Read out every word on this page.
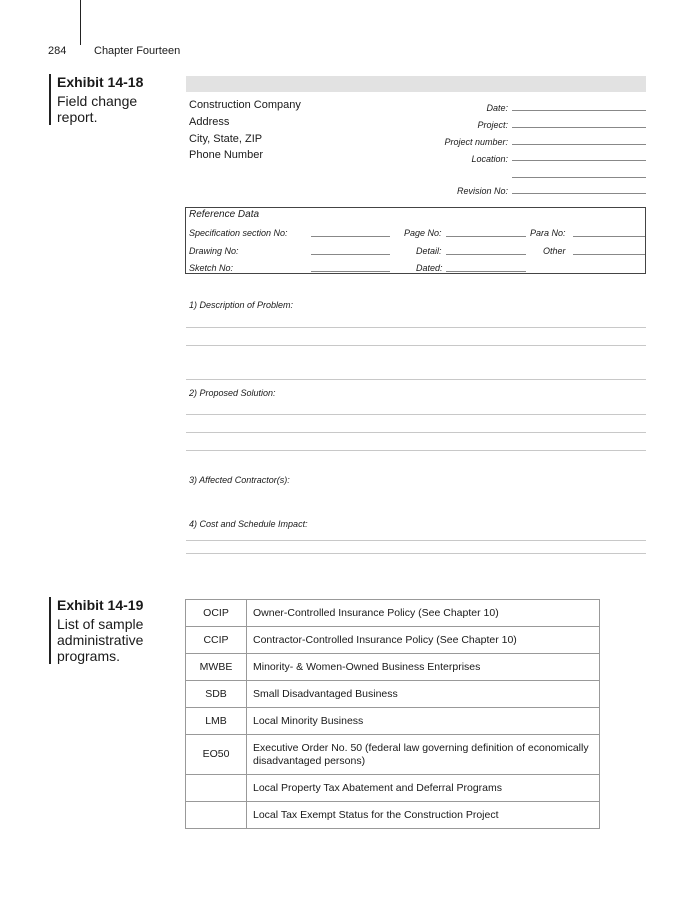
284	Chapter Fourteen
Exhibit 14-18
Field change report.
Construction Company
Address
City, State, ZIP
Phone Number
Date:
Project:
Project number:
Location:
Revision No:
Reference Data
Specification section No:	Page No:	Para No:
Drawing No:	Detail:	Other
Sketch No:	Dated:
1) Description of Problem:
2) Proposed Solution:
3) Affected Contractor(s):
4) Cost and Schedule Impact:
Exhibit 14-19
List of sample administrative programs.
OCIP	Owner-Controlled Insurance Policy (See Chapter 10)
CCIP	Contractor-Controlled Insurance Policy (See Chapter 10)
MWBE	Minority- & Women-Owned Business Enterprises
SDB	Small Disadvantaged Business
LMB	Local Minority Business
EO50	Executive Order No. 50 (federal law governing definition of economically disadvantaged persons)
	Local Property Tax Abatement and Deferral Programs
	Local Tax Exempt Status for the Construction Project
